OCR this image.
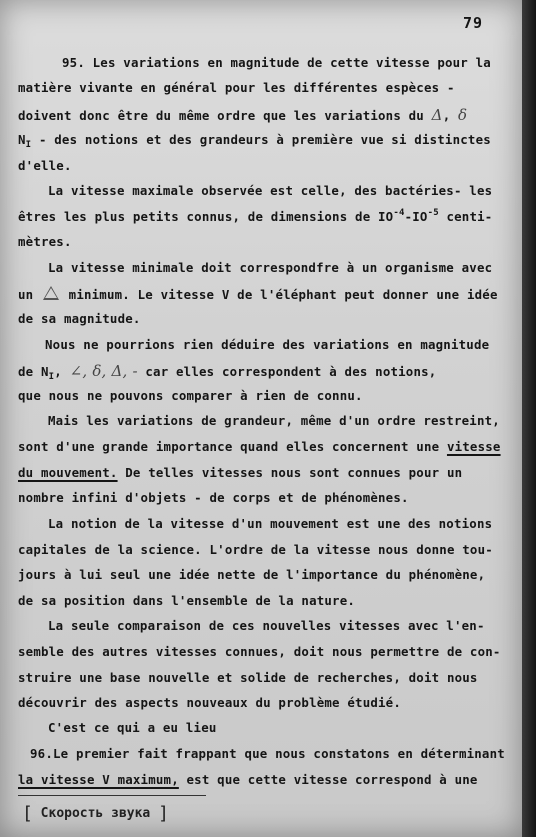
79
95. Les variations en magnitude de cette vitesse pour la
matière vivante en général pour les différentes espèces -
doivent donc être du même ordre que les variations du Δ, δ
$N_I$ - des notions et des grandeurs à première vue si distinctes
d'elle.
La vitesse maximale observée est celle, des bactéries- les
êtres les plus petits connus, de dimensions de $IO^{-4}-IO^{-5}$ centi-
mètres.
La vitesse minimale doit correspondfre à un organisme avec
un	minimum. Le vitesse V de l'éléphant peut donner une idée
de sa magnitude.
Nous ne pourrions rien déduire des variations en magnitude
de $N_I$, ∠, δ, Δ, - car elles correspondent à des notions,
que nous ne pouvons comparer à rien de connu.
Mais les variations de grandeur, même d'un ordre restreint,
sont d'une grande importance quand elles concernent une vitesse
du mouvement. De telles vitesses nous sont connues pour un
nombre infini d'objets - de corps et de phénomènes.
La notion de la vitesse d'un mouvement est une des notions
capitales de la science. L'ordre de la vitesse nous donne tou-
jours à lui seul une idée nette de l'importance du phénomène,
de sa position dans l'ensemble de la nature.
La seule comparaison de ces nouvelles vitesses avec l'en-
semble des autres vitesses connues, doit nous permettre de con-
struire une base nouvelle et solide de recherches, doit nous
découvrir des aspects nouveaux du problème étudié.
C'est ce qui a eu lieu
96.Le premier fait frappant que nous constatons en déterminant
la vitesse V maximum, est que cette vitesse correspond à une
[ Скорость звука ]
